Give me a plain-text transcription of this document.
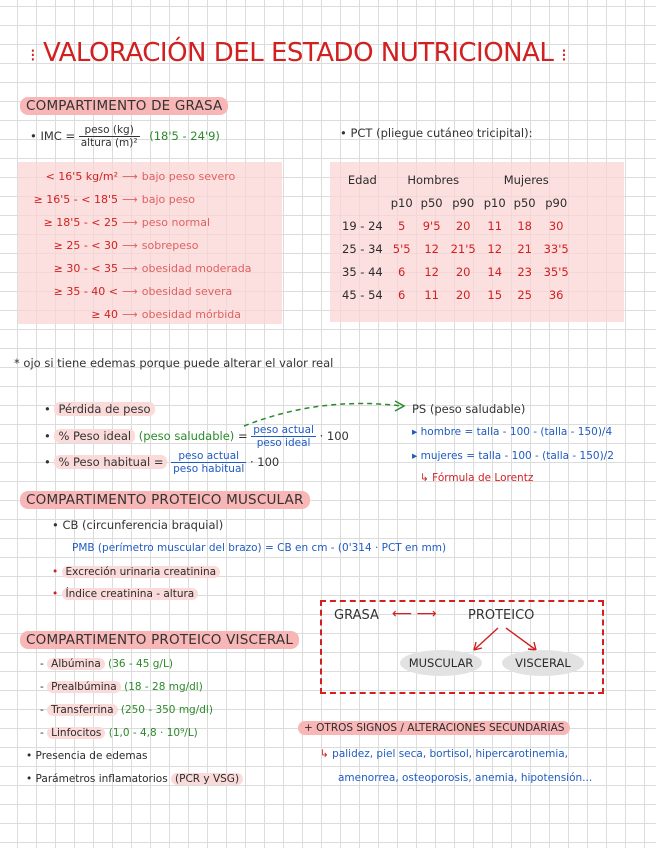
⁝ VALORACIÓN DEL ESTADO NUTRICIONAL ⁝
COMPARTIMENTO DE GRASA
• IMC = $\frac{\text{peso (kg)}}{\text{altura (m)²}} (18'5 - 24'9)$
< 16'5 kg/m² ⟶ bajo peso severo
≥ 16'5 - < 18'5 ⟶ bajo peso
≥ 18'5 - < 25 ⟶ peso normal
≥ 25 - < 30 ⟶ sobrepeso
≥ 30 - < 35 ⟶ obesidad moderada
≥ 35 - 40 < ⟶ obesidad severa
≥ 40 ⟶ obesidad mórbida
• PCT (pliegue cutáneo tricipital):
Edad	Hombres			Mujeres		
	p10	p50	p90	p10	p50	p90
19 - 24	5	9'5	20	11	18	30
25 - 34	5'5	12	21'5	12	21	33'5
35 - 44	6	12	20	14	23	35'5
45 - 54	6	11	20	15	25	36
* ojo si tiene edemas porque puede alterar el valor real
• Pérdida de peso
• % Peso ideal (peso saludable) = $\frac{\text{peso actual}}{\text{peso ideal}} \cdot 100$
• % Peso habitual = $\frac{\text{peso actual}}{\text{peso habitual}} \cdot 100$
PS (peso saludable)
▸ hombre = talla - 100 - (talla - 150)/4
▸ mujeres = talla - 100 - (talla - 150)/2
↳ Fórmula de Lorentz
COMPARTIMENTO PROTEICO MUSCULAR
• CB (circunferencia braquial)
PMB (perímetro muscular del brazo) = CB en cm - (0'314 · PCT en mm)
• Excreción urinaria creatinina
• Índice creatinina - altura
COMPARTIMENTO PROTEICO VISCERAL
- Albúmina (36 - 45 g/L)
- Prealbúmina (18 - 28 mg/dl)
- Transferrina (250 - 350 mg/dl)
- Linfocitos (1,0 - 4,8 · 10⁹/L)
• Presencia de edemas
• Parámetros inflamatorios (PCR y VSG)
GRASA ⟵ ⟶ PROTEICO
MUSCULAR	VISCERAL
+ OTROS SIGNOS / ALTERACIONES SECUNDARIAS
↳ palidez, piel seca, bortisol, hipercarotinemia,
amenorrea, osteoporosis, anemia, hipotensión...
